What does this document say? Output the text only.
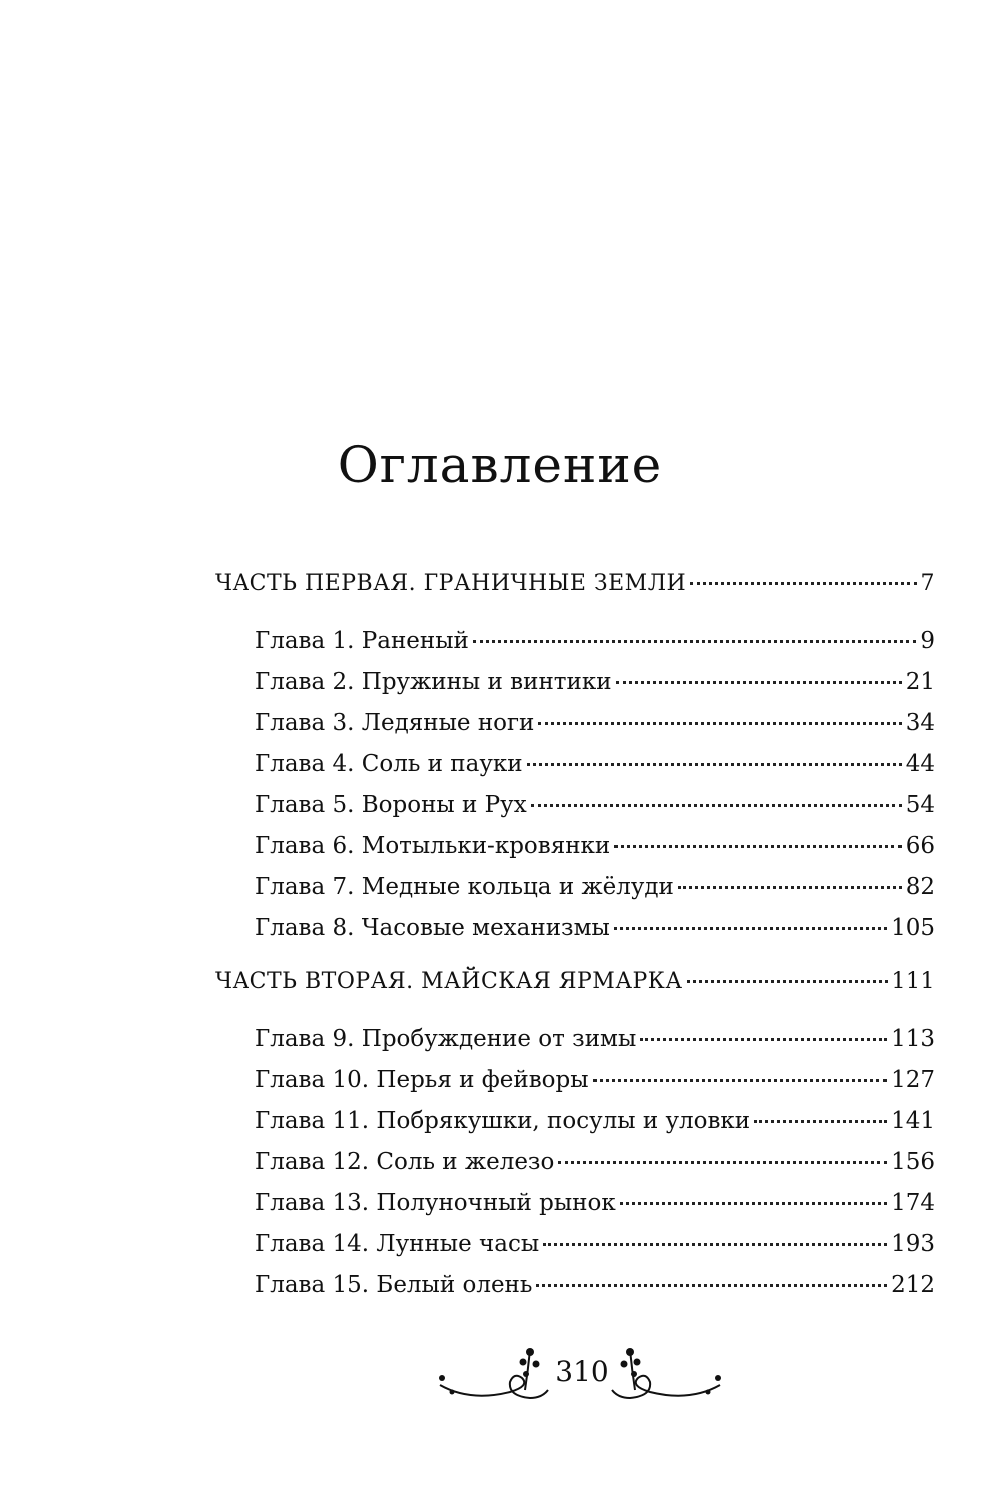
Оглавление
ЧАСТЬ ПЕРВАЯ. ГРАНИЧНЫЕ ЗЕМЛИ	7
Глава 1. Раненый	9
Глава 2. Пружины и винтики	21
Глава 3. Ледяные ноги	34
Глава 4. Соль и пауки	44
Глава 5. Вороны и Рух	54
Глава 6. Мотыльки-кровянки	66
Глава 7. Медные кольца и жёлуди	82
Глава 8. Часовые механизмы	105
ЧАСТЬ ВТОРАЯ. МАЙСКАЯ ЯРМАРКА	111
Глава 9. Пробуждение от зимы	113
Глава 10. Перья и фейворы	127
Глава 11. Побрякушки, посулы и уловки	141
Глава 12. Соль и железо	156
Глава 13. Полуночный рынок	174
Глава 14. Лунные часы	193
Глава 15. Белый олень	212
310
